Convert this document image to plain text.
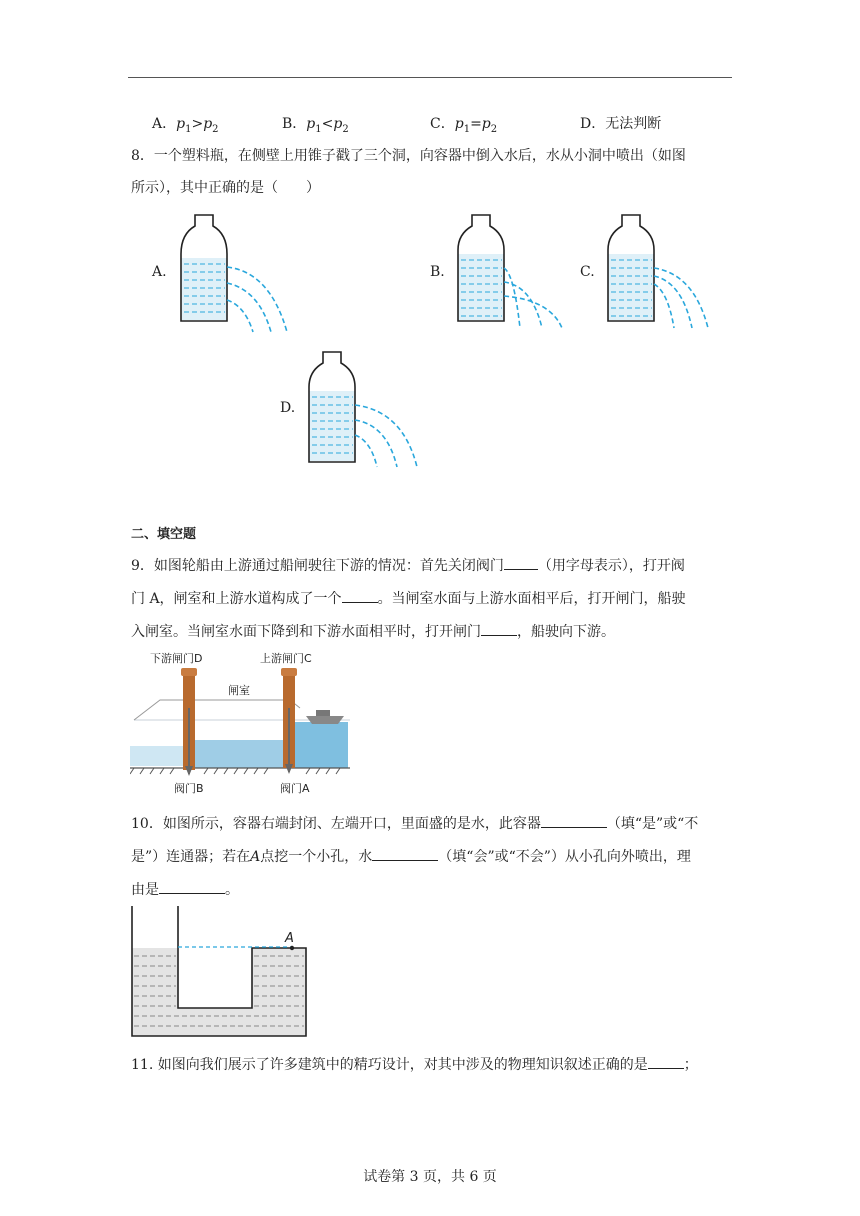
A．$p_1>p_2$	B．$p_1<p_2$	C．$p_1=p_2$	D．无法判断
8．一个塑料瓶，在侧壁上用锥子戳了三个洞，向容器中倒入水后，水从小洞中喷出（如图
所示），其中正确的是（　　）
A.	B.	C.
D.
二、填空题
9．如图轮船由上游通过船闸驶往下游的情况：首先关闭阀门 （用字母表示），打开阀
门 A，闸室和上游水道构成了一个	。当闸室水面与上游水面相平后，打开闸门，船驶
入闸室。当闸室水面下降到和下游水面相平时，打开闸门	，船驶向下游。
下游闸门D	上游闸门C
闸室
阀门B	阀门A
10．如图所示，容器右端封闭、左端开口，里面盛的是水，此容器	（填“是”或“不
是”）连通器；若在A点挖一个小孔，水	（填“会”或“不会”）从小孔向外喷出，理
由是	。
A
11. 如图向我们展示了许多建筑中的精巧设计，对其中涉及的物理知识叙述正确的是	；
试卷第 3 页，共 6 页
